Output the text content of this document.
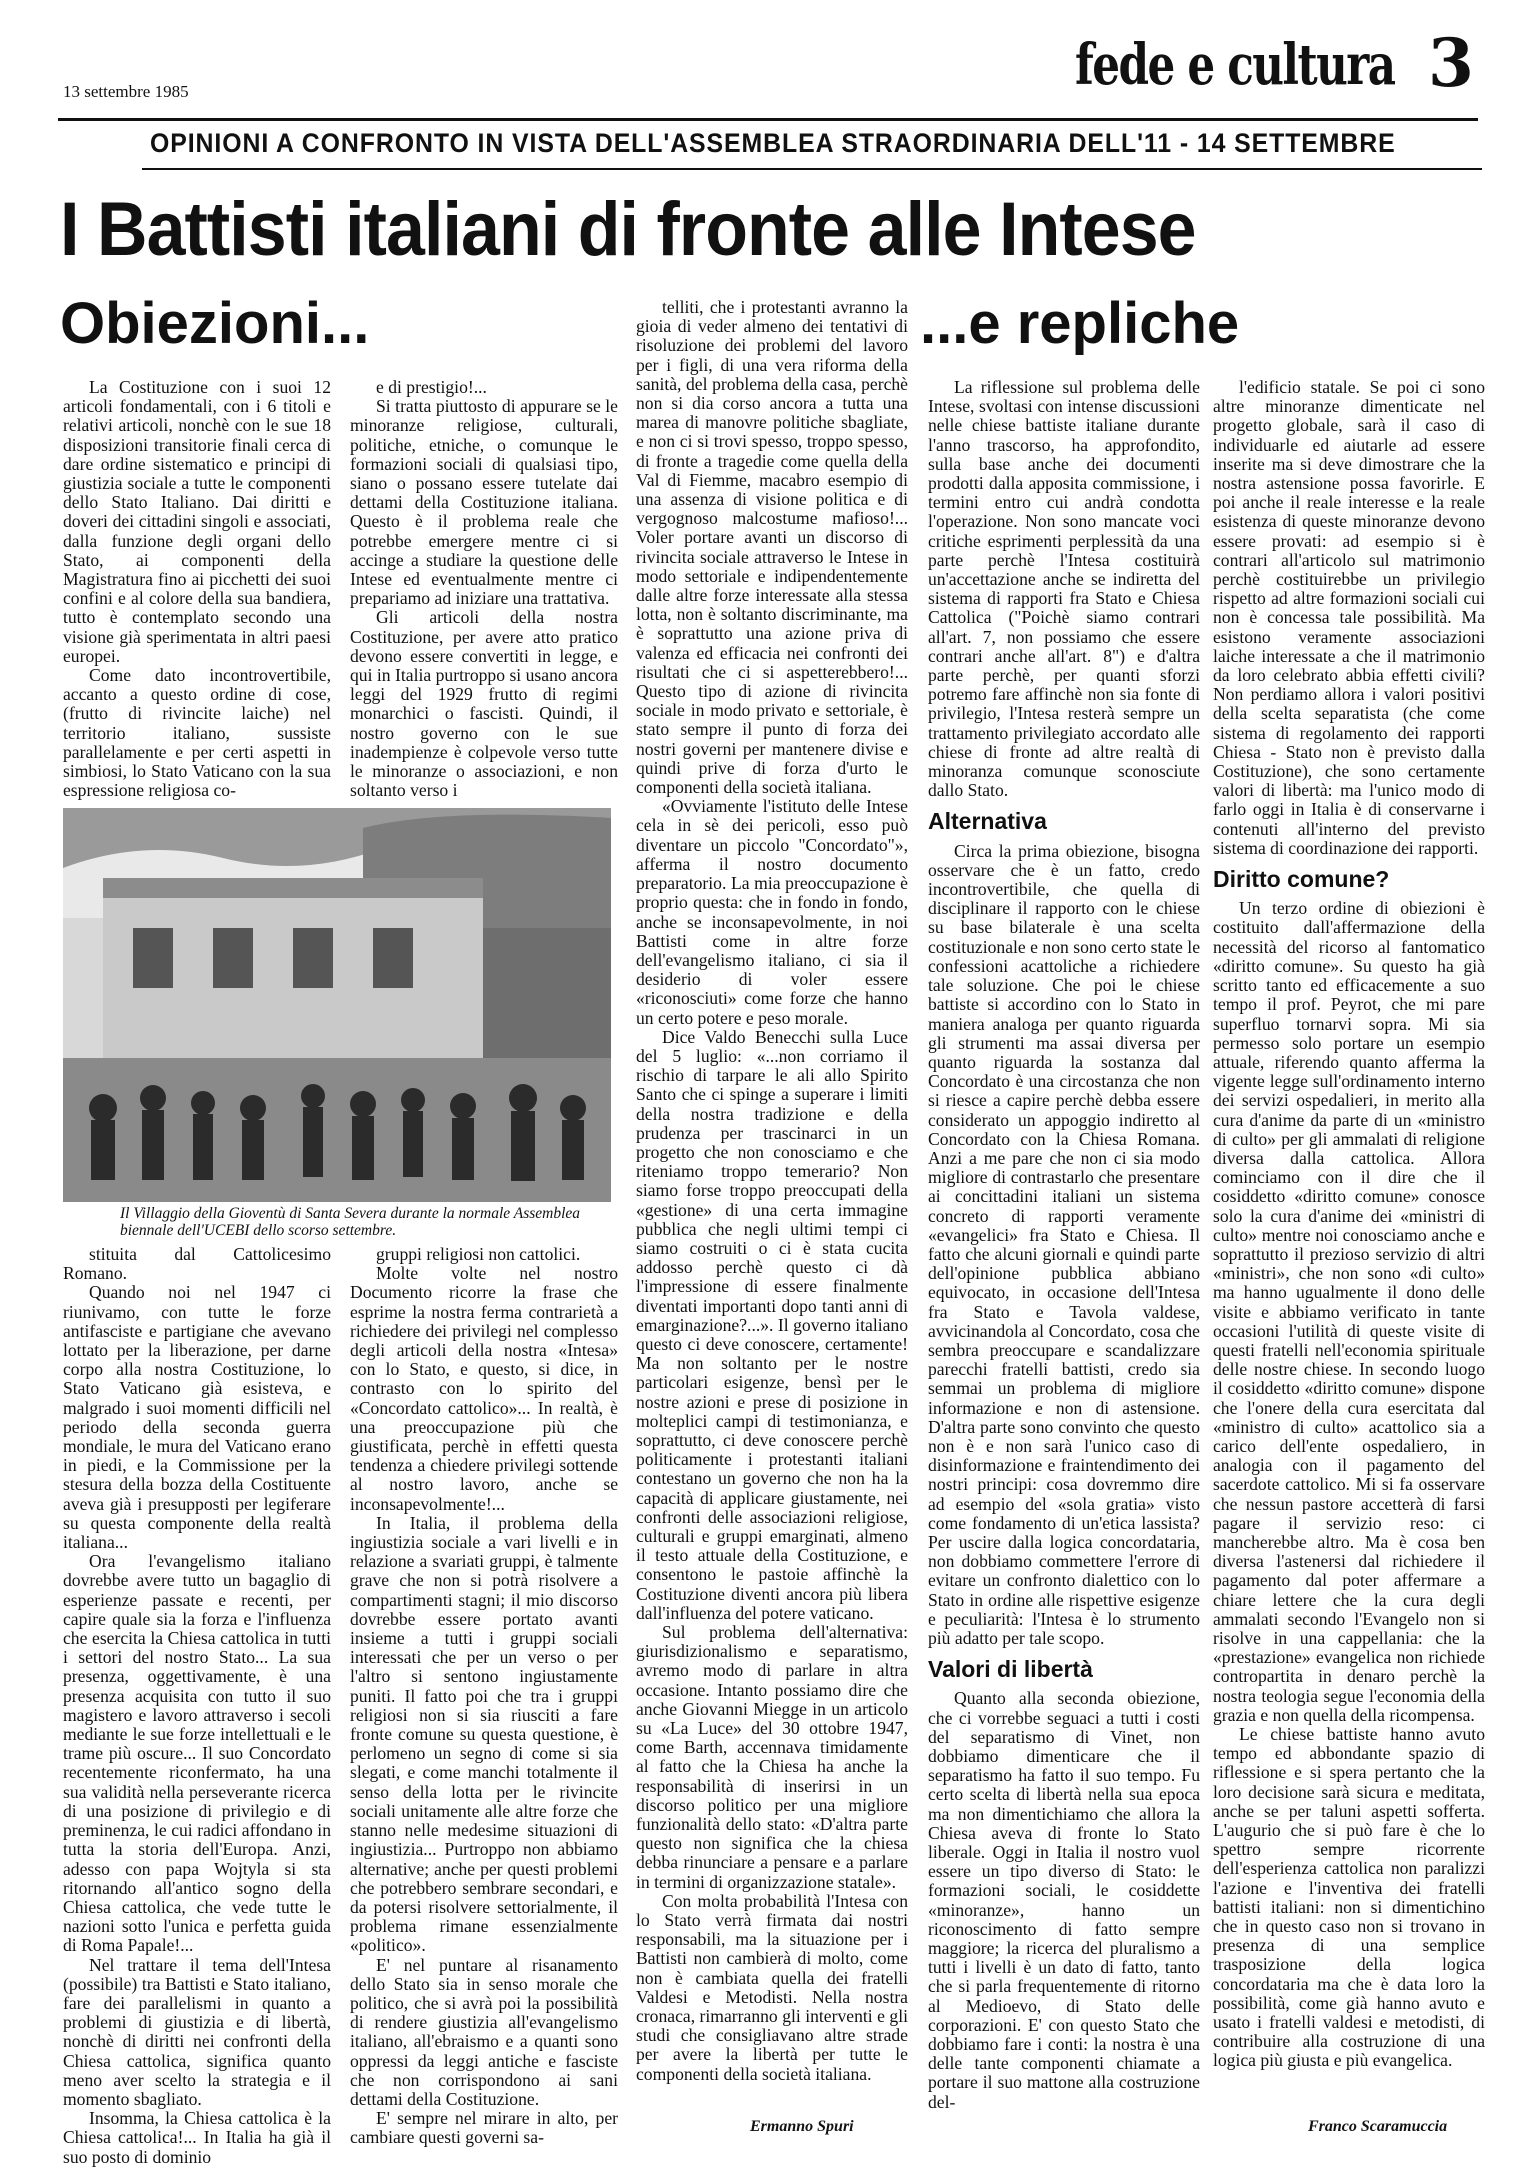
13 settembre 1985	fede e cultura 3
OPINIONI A CONFRONTO IN VISTA DELL'ASSEMBLEA STRAORDINARIA DELL'11 - 14 SETTEMBRE
I Battisti italiani di fronte alle Intese
Obiezioni...	...e repliche

La Costituzione con i suoi 12 articoli fondamentali, con i 6 titoli e relativi articoli, nonchè con le sue 18 disposizioni transitorie finali cerca di dare ordine sistematico e principi di giustizia sociale a tutte le componenti dello Stato Italiano. Dai diritti e doveri dei cittadini singoli e associati, dalla funzione degli organi dello Stato, ai componenti della Magistratura fino ai picchetti dei suoi confini e al colore della sua bandiera, tutto è contemplato secondo una visione già sperimentata in altri paesi europei.

Come dato incontrovertibile, accanto a questo ordine di cose, (frutto di rivincite laiche) nel territorio italiano, sussiste parallelamente e per certi aspetti in simbiosi, lo Stato Vaticano con la sua espressione religiosa co-

e di prestigio!...

Si tratta piuttosto di appurare se le minoranze religiose, culturali, politiche, etniche, o comunque le formazioni sociali di qualsiasi tipo, siano o possano essere tutelate dai dettami della Costituzione italiana. Questo è il problema reale che potrebbe emergere mentre ci si accinge a studiare la questione delle Intese ed eventualmente mentre ci prepariamo ad iniziare una trattativa.

Gli articoli della nostra Costituzione, per avere atto pratico devono essere convertiti in legge, e qui in Italia purtroppo si usano ancora leggi del 1929 frutto di regimi monarchici o fascisti. Quindi, il nostro governo con le sue inadempienze è colpevole verso tutte le minoranze o associazioni, e non soltanto verso i

Il Villaggio della Gioventù di Santa Severa durante la normale Assemblea biennale dell'UCEBI dello scorso settembre.

stituita dal Cattolicesimo Romano.

Quando noi nel 1947 ci riunivamo, con tutte le forze antifasciste e partigiane che avevano lottato per la liberazione, per darne corpo alla nostra Costituzione, lo Stato Vaticano già esisteva, e malgrado i suoi momenti difficili nel periodo della seconda guerra mondiale, le mura del Vaticano erano in piedi, e la Commissione per la stesura della bozza della Costituente aveva già i presupposti per legiferare su questa componente della realtà italiana...

Ora l'evangelismo italiano dovrebbe avere tutto un bagaglio di esperienze passate e recenti, per capire quale sia la forza e l'influenza che esercita la Chiesa cattolica in tutti i settori del nostro Stato... La sua presenza, oggettivamente, è una presenza acquisita con tutto il suo magistero e lavoro attraverso i secoli mediante le sue forze intellettuali e le trame più oscure... Il suo Concordato recentemente riconfermato, ha una sua validità nella perseverante ricerca di una posizione di privilegio e di preminenza, le cui radici affondano in tutta la storia dell'Europa. Anzi, adesso con papa Wojtyla si sta ritornando all'antico sogno della Chiesa cattolica, che vede tutte le nazioni sotto l'unica e perfetta guida di Roma Papale!...

Nel trattare il tema dell'Intesa (possibile) tra Battisti e Stato italiano, fare dei parallelismi in quanto a problemi di giustizia e di libertà, nonchè di diritti nei confronti della Chiesa cattolica, significa quanto meno aver scelto la strategia e il momento sbagliato.

Insomma, la Chiesa cattolica è la Chiesa cattolica!... In Italia ha già il suo posto di dominio

gruppi religiosi non cattolici.

Molte volte nel nostro Documento ricorre la frase che esprime la nostra ferma contrarietà a richiedere dei privilegi nel complesso degli articoli della nostra «Intesa» con lo Stato, e questo, si dice, in contrasto con lo spirito del «Concordato cattolico»... In realtà, è una preoccupazione più che giustificata, perchè in effetti questa tendenza a chiedere privilegi sottende al nostro lavoro, anche se inconsapevolmente!...

In Italia, il problema della ingiustizia sociale a vari livelli e in relazione a svariati gruppi, è talmente grave che non si potrà risolvere a compartimenti stagni; il mio discorso dovrebbe essere portato avanti insieme a tutti i gruppi sociali interessati che per un verso o per l'altro si sentono ingiustamente puniti. Il fatto poi che tra i gruppi religiosi non si sia riusciti a fare fronte comune su questa questione, è perlomeno un segno di come si sia slegati, e come manchi totalmente il senso della lotta per le rivincite sociali unitamente alle altre forze che stanno nelle medesime situazioni di ingiustizia... Purtroppo non abbiamo alternative; anche per questi problemi che potrebbero sembrare secondari, e da potersi risolvere settorialmente, il problema rimane essenzialmente «politico».

E' nel puntare al risanamento dello Stato sia in senso morale che politico, che si avrà poi la possibilità di rendere giustizia all'evangelismo italiano, all'ebraismo e a quanti sono oppressi da leggi antiche e fasciste che non corrispondono ai sani dettami della Costituzione.

E' sempre nel mirare in alto, per cambiare questi governi sa-

telliti, che i protestanti avranno la gioia di veder almeno dei tentativi di risoluzione dei problemi del lavoro per i figli, di una vera riforma della sanità, del problema della casa, perchè non si dia corso ancora a tutta una marea di manovre politiche sbagliate, e non ci si trovi spesso, troppo spesso, di fronte a tragedie come quella della Val di Fiemme, macabro esempio di una assenza di visione politica e di vergognoso malcostume mafioso!... Voler portare avanti un discorso di rivincita sociale attraverso le Intese in modo settoriale e indipendentemente dalle altre forze interessate alla stessa lotta, non è soltanto discriminante, ma è soprattutto una azione priva di valenza ed efficacia nei confronti dei risultati che ci si aspetterebbero!... Questo tipo di azione di rivincita sociale in modo privato e settoriale, è stato sempre il punto di forza dei nostri governi per mantenere divise e quindi prive di forza d'urto le componenti della società italiana.

«Ovviamente l'istituto delle Intese cela in sè dei pericoli, esso può diventare un piccolo "Concordato"», afferma il nostro documento preparatorio. La mia preoccupazione è proprio questa: che in fondo in fondo, anche se inconsapevolmente, in noi Battisti come in altre forze dell'evangelismo italiano, ci sia il desiderio di voler essere «riconosciuti» come forze che hanno un certo potere e peso morale.

Dice Valdo Benecchi sulla Luce del 5 luglio: «...non corriamo il rischio di tarpare le ali allo Spirito Santo che ci spinge a superare i limiti della nostra tradizione e della prudenza per trascinarci in un progetto che non conosciamo e che riteniamo troppo temerario? Non siamo forse troppo preoccupati della «gestione» di una certa immagine pubblica che negli ultimi tempi ci siamo costruiti o ci è stata cucita addosso perchè questo ci dà l'impressione di essere finalmente diventati importanti dopo tanti anni di emarginazione?...». Il governo italiano questo ci deve conoscere, certamente! Ma non soltanto per le nostre particolari esigenze, bensì per le nostre azioni e prese di posizione in molteplici campi di testimonianza, e soprattutto, ci deve conoscere perchè politicamente i protestanti italiani contestano un governo che non ha la capacità di applicare giustamente, nei confronti delle associazioni religiose, culturali e gruppi emarginati, almeno il testo attuale della Costituzione, e consentono le pastoie affinchè la Costituzione diventi ancora più libera dall'influenza del potere vaticano.

Sul problema dell'alternativa: giurisdizionalismo e separatismo, avremo modo di parlare in altra occasione. Intanto possiamo dire che anche Giovanni Miegge in un articolo su «La Luce» del 30 ottobre 1947, come Barth, accennava timidamente al fatto che la Chiesa ha anche la responsabilità di inserirsi in un discorso politico per una migliore funzionalità dello stato: «D'altra parte questo non significa che la chiesa debba rinunciare a pensare e a parlare in termini di organizzazione statale».

Con molta probabilità l'Intesa con lo Stato verrà firmata dai nostri responsabili, ma la situazione per i Battisti non cambierà di molto, come non è cambiata quella dei fratelli Valdesi e Metodisti. Nella nostra cronaca, rimarranno gli interventi e gli studi che consigliavano altre strade per avere la libertà per tutte le componenti della società italiana.

Ermanno Spuri

La riflessione sul problema delle Intese, svoltasi con intense discussioni nelle chiese battiste italiane durante l'anno trascorso, ha approfondito, sulla base anche dei documenti prodotti dalla apposita commissione, i termini entro cui andrà condotta l'operazione. Non sono mancate voci critiche esprimenti perplessità da una parte perchè l'Intesa costituirà un'accettazione anche se indiretta del sistema di rapporti fra Stato e Chiesa Cattolica ("Poichè siamo contrari all'art. 7, non possiamo che essere contrari anche all'art. 8") e d'altra parte perchè, per quanti sforzi potremo fare affinchè non sia fonte di privilegio, l'Intesa resterà sempre un trattamento privilegiato accordato alle chiese di fronte ad altre realtà di minoranza comunque sconosciute dallo Stato.

Alternativa

Circa la prima obiezione, bisogna osservare che è un fatto, credo incontrovertibile, che quella di disciplinare il rapporto con le chiese su base bilaterale è una scelta costituzionale e non sono certo state le confessioni acattoliche a richiedere tale soluzione. Che poi le chiese battiste si accordino con lo Stato in maniera analoga per quanto riguarda gli strumenti ma assai diversa per quanto riguarda la sostanza dal Concordato è una circostanza che non si riesce a capire perchè debba essere considerato un appoggio indiretto al Concordato con la Chiesa Romana. Anzi a me pare che non ci sia modo migliore di contrastarlo che presentare ai concittadini italiani un sistema concreto di rapporti veramente «evangelici» fra Stato e Chiesa. Il fatto che alcuni giornali e quindi parte dell'opinione pubblica abbiano equivocato, in occasione dell'Intesa fra Stato e Tavola valdese, avvicinandola al Concordato, cosa che sembra preoccupare e scandalizzare parecchi fratelli battisti, credo sia semmai un problema di migliore informazione e non di astensione. D'altra parte sono convinto che questo non è e non sarà l'unico caso di disinformazione e fraintendimento dei nostri principi: cosa dovremmo dire ad esempio del «sola gratia» visto come fondamento di un'etica lassista? Per uscire dalla logica concordataria, non dobbiamo commettere l'errore di evitare un confronto dialettico con lo Stato in ordine alle rispettive esigenze e peculiarità: l'Intesa è lo strumento più adatto per tale scopo.

Valori di libertà

Quanto alla seconda obiezione, che ci vorrebbe seguaci a tutti i costi del separatismo di Vinet, non dobbiamo dimenticare che il separatismo ha fatto il suo tempo. Fu certo scelta di libertà nella sua epoca ma non dimentichiamo che allora la Chiesa aveva di fronte lo Stato liberale. Oggi in Italia il nostro vuol essere un tipo diverso di Stato: le formazioni sociali, le cosiddette «minoranze», hanno un riconoscimento di fatto sempre maggiore; la ricerca del pluralismo a tutti i livelli è un dato di fatto, tanto che si parla frequentemente di ritorno al Medioevo, di Stato delle corporazioni. E' con questo Stato che dobbiamo fare i conti: la nostra è una delle tante componenti chiamate a portare il suo mattone alla costruzione del-

l'edificio statale. Se poi ci sono altre minoranze dimenticate nel progetto globale, sarà il caso di individuarle ed aiutarle ad essere inserite ma si deve dimostrare che la nostra astensione possa favorirle. E poi anche il reale interesse e la reale esistenza di queste minoranze devono essere provati: ad esempio si è contrari all'articolo sul matrimonio perchè costituirebbe un privilegio rispetto ad altre formazioni sociali cui non è concessa tale possibilità. Ma esistono veramente associazioni laiche interessate a che il matrimonio da loro celebrato abbia effetti civili? Non perdiamo allora i valori positivi della scelta separatista (che come sistema di regolamento dei rapporti Chiesa - Stato non è previsto dalla Costituzione), che sono certamente valori di libertà: ma l'unico modo di farlo oggi in Italia è di conservarne i contenuti all'interno del previsto sistema di coordinazione dei rapporti.

Diritto comune?

Un terzo ordine di obiezioni è costituito dall'affermazione della necessità del ricorso al fantomatico «diritto comune». Su questo ha già scritto tanto ed efficacemente a suo tempo il prof. Peyrot, che mi pare superfluo tornarvi sopra. Mi sia permesso solo portare un esempio attuale, riferendo quanto afferma la vigente legge sull'ordinamento interno dei servizi ospedalieri, in merito alla cura d'anime da parte di un «ministro di culto» per gli ammalati di religione diversa dalla cattolica. Allora cominciamo con il dire che il cosiddetto «diritto comune» conosce solo la cura d'anime dei «ministri di culto» mentre noi conosciamo anche e soprattutto il prezioso servizio di altri «ministri», che non sono «di culto» ma hanno ugualmente il dono delle visite e abbiamo verificato in tante occasioni l'utilità di queste visite di questi fratelli nell'economia spirituale delle nostre chiese. In secondo luogo il cosiddetto «diritto comune» dispone che l'onere della cura esercitata dal «ministro di culto» acattolico sia a carico dell'ente ospedaliero, in analogia con il pagamento del sacerdote cattolico. Mi si fa osservare che nessun pastore accetterà di farsi pagare il servizio reso: ci mancherebbe altro. Ma è cosa ben diversa l'astenersi dal richiedere il pagamento dal poter affermare a chiare lettere che la cura degli ammalati secondo l'Evangelo non si risolve in una cappellania: che la «prestazione» evangelica non richiede contropartita in denaro perchè la nostra teologia segue l'economia della grazia e non quella della ricompensa.

Le chiese battiste hanno avuto tempo ed abbondante spazio di riflessione e si spera pertanto che la loro decisione sarà sicura e meditata, anche se per taluni aspetti sofferta. L'augurio che si può fare è che lo spettro sempre ricorrente dell'esperienza cattolica non paralizzi l'azione e l'inventiva dei fratelli battisti italiani: non si dimentichino che in questo caso non si trovano in presenza di una semplice trasposizione della logica concordataria ma che è data loro la possibilità, come già hanno avuto e usato i fratelli valdesi e metodisti, di contribuire alla costruzione di una logica più giusta e più evangelica.

Franco Scaramuccia
